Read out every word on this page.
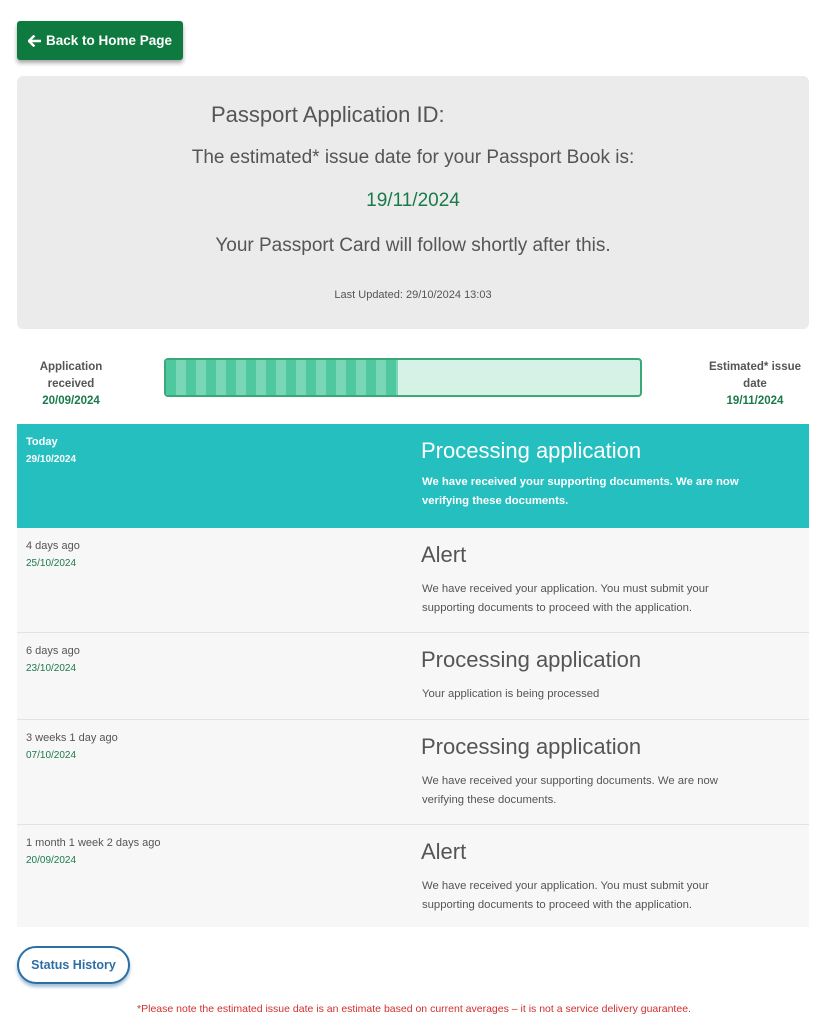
Back to Home Page
Passport Application ID:
The estimated* issue date for your Passport Book is:
19/11/2024
Your Passport Card will follow shortly after this.
Last Updated: 29/10/2024 13:03
Application
received
20/09/2024
Estimated* issue
date
19/11/2024
Today
29/10/2024	Processing application
We have received your supporting documents. We are now
verifying these documents.
4 days ago
25/10/2024	Alert
We have received your application. You must submit your
supporting documents to proceed with the application.
6 days ago
23/10/2024	Processing application
Your application is being processed
3 weeks 1 day ago
07/10/2024	Processing application
We have received your supporting documents. We are now
verifying these documents.
1 month 1 week 2 days ago
20/09/2024	Alert
We have received your application. You must submit your
supporting documents to proceed with the application.
Status History
*Please note the estimated issue date is an estimate based on current averages – it is not a service delivery guarantee.
